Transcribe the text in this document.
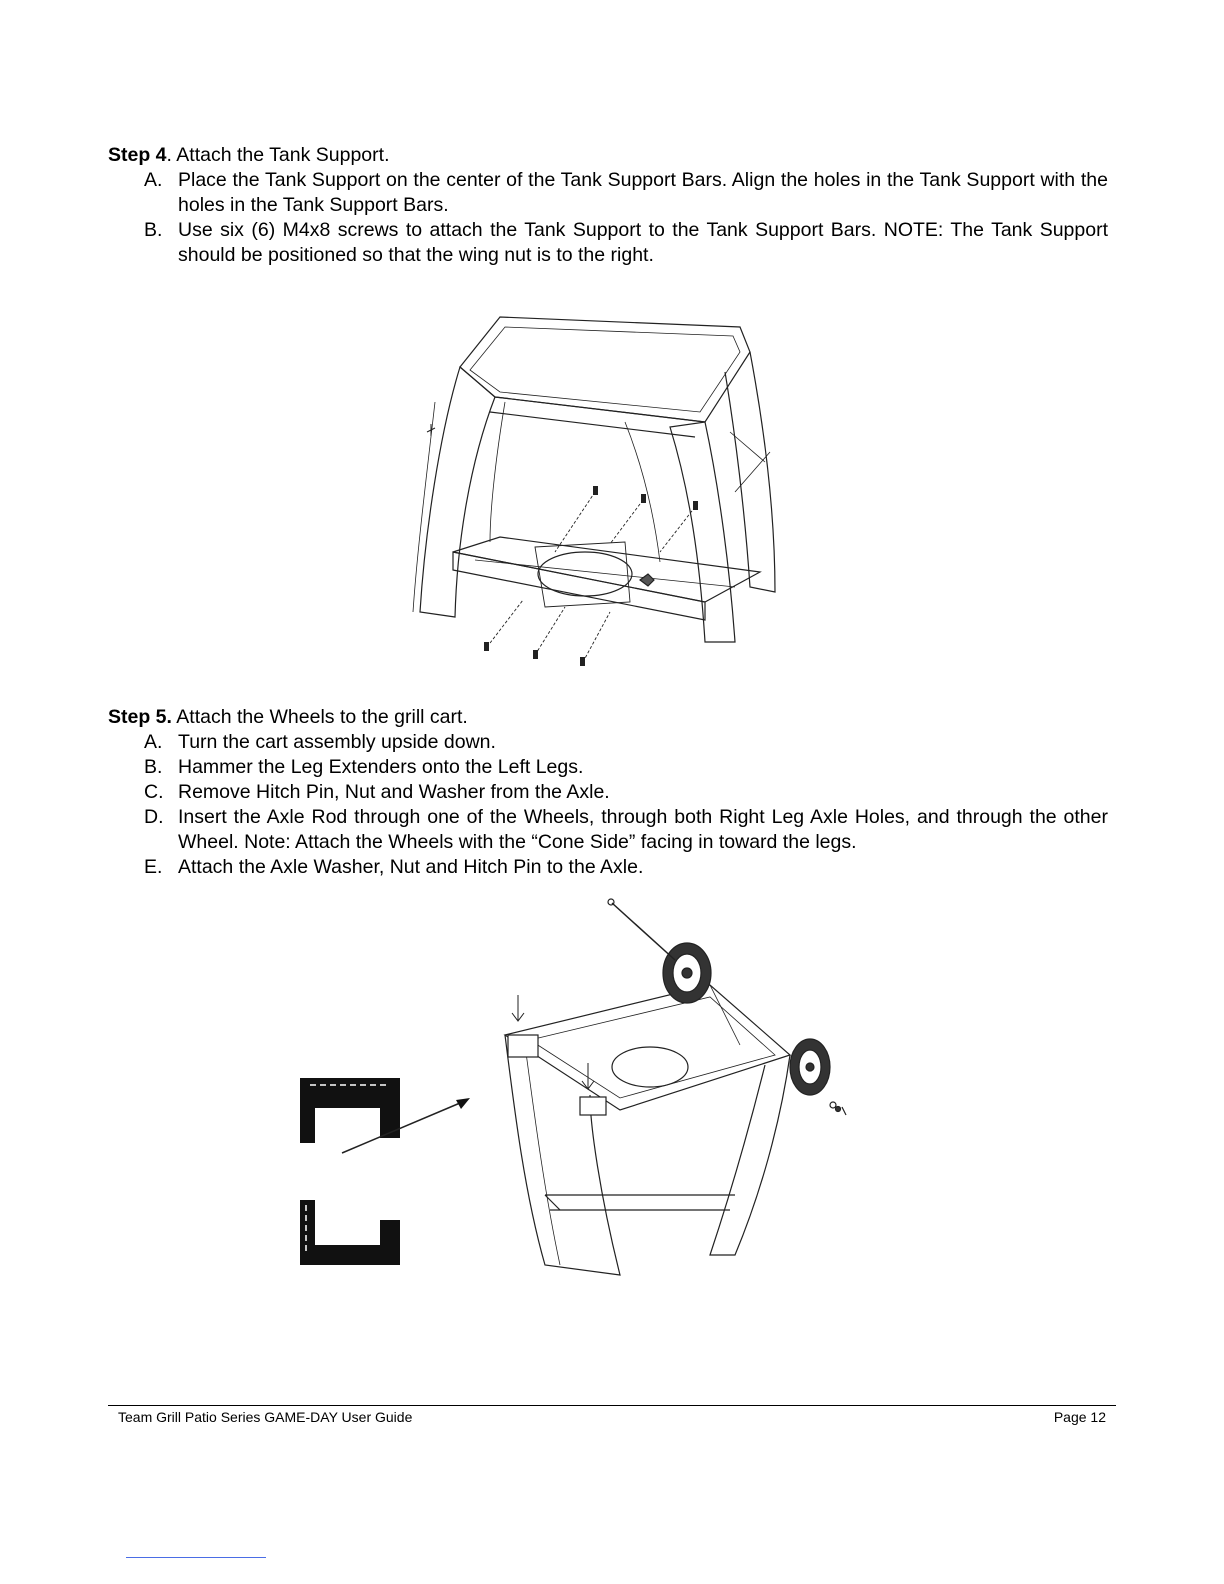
Step 4. Attach the Tank Support.
A. Place the Tank Support on the center of the Tank Support Bars. Align the holes in the Tank Support with the holes in the Tank Support Bars.
B. Use six (6) M4x8 screws to attach the Tank Support to the Tank Support Bars. NOTE: The Tank Support should be positioned so that the wing nut is to the right.
Step 5. Attach the Wheels to the grill cart.
A. Turn the cart assembly upside down.
B. Hammer the Leg Extenders onto the Left Legs.
C. Remove Hitch Pin, Nut and Washer from the Axle.
D. Insert the Axle Rod through one of the Wheels, through both Right Leg Axle Holes, and through the other Wheel. Note: Attach the Wheels with the “Cone Side” facing in toward the legs.
E. Attach the Axle Washer, Nut and Hitch Pin to the Axle.
Team Grill Patio Series GAME-DAY User Guide	Page 12
